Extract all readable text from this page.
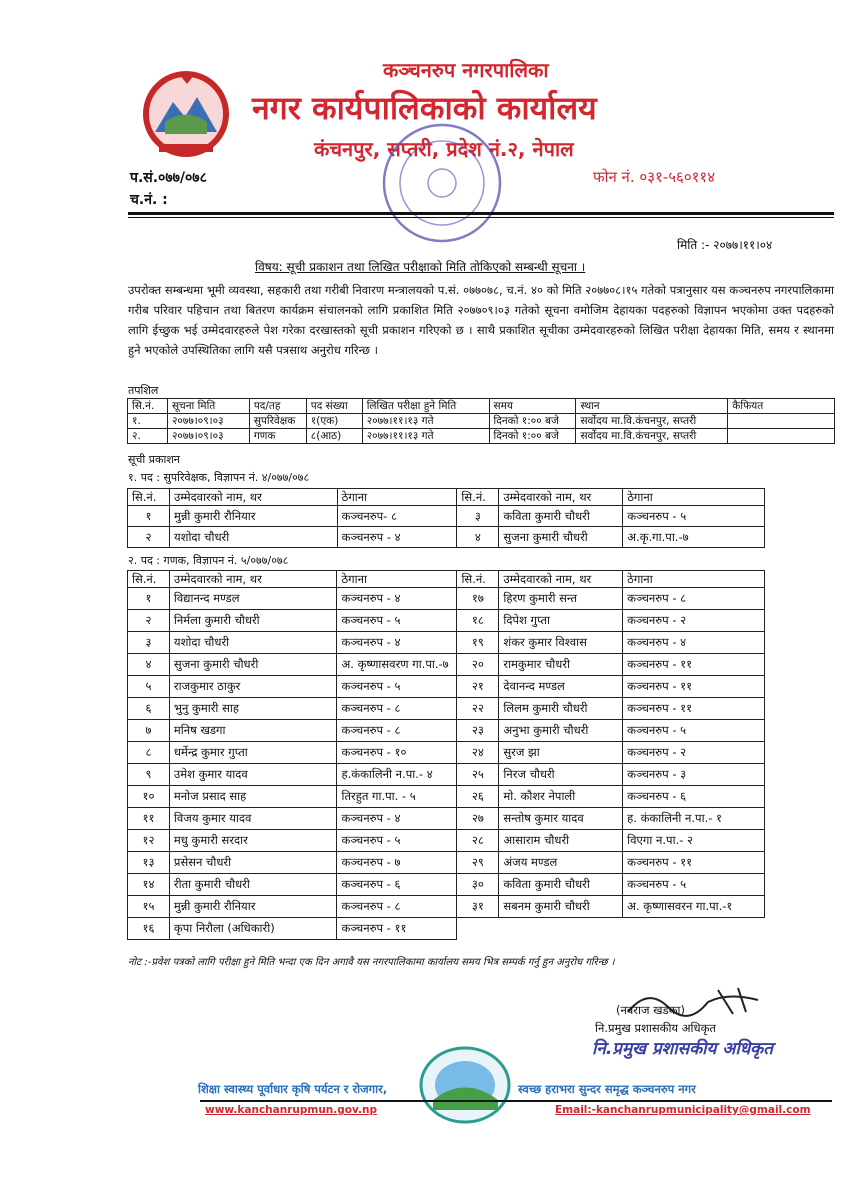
कञ्चनरुप नगरपालिका
नगर कार्यपालिकाको कार्यालय
कंचनपुर, सप्तरी, प्रदेश नं.२, नेपाल
प.सं.०७७/०७८
च.नं. :
फोन नं. ०३१-५६०११४
मिति :- २०७७।११।०४
विषय: सूची प्रकाशन तथा लिखित परीक्षाको मिति तोकिएको सम्बन्धी सूचना ।
उपरोक्त सम्बन्धमा भूमी व्यवस्था, सहकारी तथा गरीबी निवारण मन्त्रालयको प.सं. ०७७०७८, च.नं. ४० को मिति २०७७०८।१५ गतेको पत्रानुसार यस कञ्चनरुप नगरपालिकामा गरीब परिवार पहिचान तथा बितरण कार्यक्रम संचालनको लागि प्रकाशित मिति २०७७०९।०३ गतेको सूचना वमोजिम देहायका पदहरुको विज्ञापन भएकोमा उक्त पदहरुको लागि ईच्छुक भई उम्मेदवारहरुले पेश गरेका दरखास्तको सूची प्रकाशन गरिएको छ । साथै प्रकाशित सूचीका उम्मेदवारहरुको लिखित परीक्षा देहायका मिति, समय र स्थानमा हुने भएकोले उपस्थितिका लागि यसै पत्रसाथ अनुरोध गरिन्छ ।
तपशिल
सि.नं.	सूचना मिति	पद/तह	पद संख्या	लिखित परीक्षा हुने मिति	समय	स्थान	कैफियत
१.	२०७७।०९।०३	सुपरिवेक्षक	१(एक)	२०७७।११।१३ गते	दिनको १:०० बजे	सर्वोदय मा.वि.कंचनपुर, सप्तरी	
२.	२०७७।०९।०३	गणक	८(आठ)	२०७७।११।१३ गते	दिनको १:०० बजे	सर्वोदय मा.वि.कंचनपुर, सप्तरी	
सूची प्रकाशन
१. पद : सुपरिवेक्षक, विज्ञापन नं. ४/०७७/०७८
सि.नं.	उम्मेदवारको नाम, थर	ठेगाना	सि.नं.	उम्मेदवारको नाम, थर	ठेगाना
१	मुन्नी कुमारी रौनियार	कञ्चनरुप- ८	३	कविता कुमारी चौधरी	कञ्चनरुप - ५
२	यशोदा चौधरी	कञ्चनरुप - ४	४	सुजना कुमारी चौधरी	अ.कृ.गा.पा.-७
२. पद : गणक, विज्ञापन नं. ५/०७७/०७८
सि.नं.	उम्मेदवारको नाम, थर	ठेगाना	सि.नं.	उम्मेदवारको नाम, थर	ठेगाना
१	विद्यानन्द मण्डल	कञ्चनरुप - ४	१७	हिरण कुमारी सन्त	कञ्चनरुप - ८
२	निर्मला कुमारी चौधरी	कञ्चनरुप - ५	१८	दिपेश गुप्ता	कञ्चनरुप - २
३	यशोदा चौधरी	कञ्चनरुप - ४	१९	शंकर कुमार विश्वास	कञ्चनरुप - ४
४	सुजना कुमारी चौधरी	अ. कृष्णासवरण गा.पा.-७	२०	रामकुमार चौधरी	कञ्चनरुप - ११
५	राजकुमार ठाकुर	कञ्चनरुप - ५	२१	देवानन्द मण्डल	कञ्चनरुप - ११
६	भुनु कुमारी साह	कञ्चनरुप - ८	२२	लिलम कुमारी चौधरी	कञ्चनरुप - ११
७	मनिष खडगा	कञ्चनरुप - ८	२३	अनुभा कुमारी चौधरी	कञ्चनरुप - ५
८	धर्मेन्द्र कुमार गुप्ता	कञ्चनरुप - १०	२४	सुरज झा	कञ्चनरुप - २
९	उमेश कुमार यादव	ह.कंकालिनी न.पा.- ४	२५	निरज चौधरी	कञ्चनरुप - ३
१०	मनोज प्रसाद साह	तिरहुत गा.पा. - ५	२६	मो. कौशर नेपाली	कञ्चनरुप - ६
११	विजय कुमार यादव	कञ्चनरुप - ४	२७	सन्तोष कुमार यादव	ह. कंकालिनी न.पा.- १
१२	मधु कुमारी सरदार	कञ्चनरुप - ५	२८	आसाराम चौधरी	विएगा न.पा.- २
१३	प्रसेसन चौधरी	कञ्चनरुप - ७	२९	अंजय मण्डल	कञ्चनरुप - ११
१४	रीता कुमारी चौधरी	कञ्चनरुप - ६	३०	कविता कुमारी चौधरी	कञ्चनरुप - ५
१५	मुन्नी कुमारी रौनियार	कञ्चनरुप - ८	३१	सबनम कुमारी चौधरी	अ. कृष्णासवरन गा.पा.-१
१६	कृपा निरौला (अधिकारी)	कञ्चनरुप - ११			
नोट :-प्रवेश पत्रको लागि परीक्षा हुने मिति भन्दा एक दिन अगावै यस नगरपालिकामा कार्यालय समय भित्र सम्पर्क गर्नु हुन अनुरोध गरिन्छ ।
(नवराज खडका)
नि.प्रमुख प्रशासकीय अधिकृत
नि.प्रमुख प्रशासकीय अधिकृत
शिक्षा स्वास्थ्य पूर्वाधार कृषि पर्यटन र रोजगार,	स्वच्छ हराभरा सुन्दर समृद्ध कञ्चनरुप नगर
www.kanchanrupmun.gov.np	Email:-kanchanrupmunicipality@gmail.com
